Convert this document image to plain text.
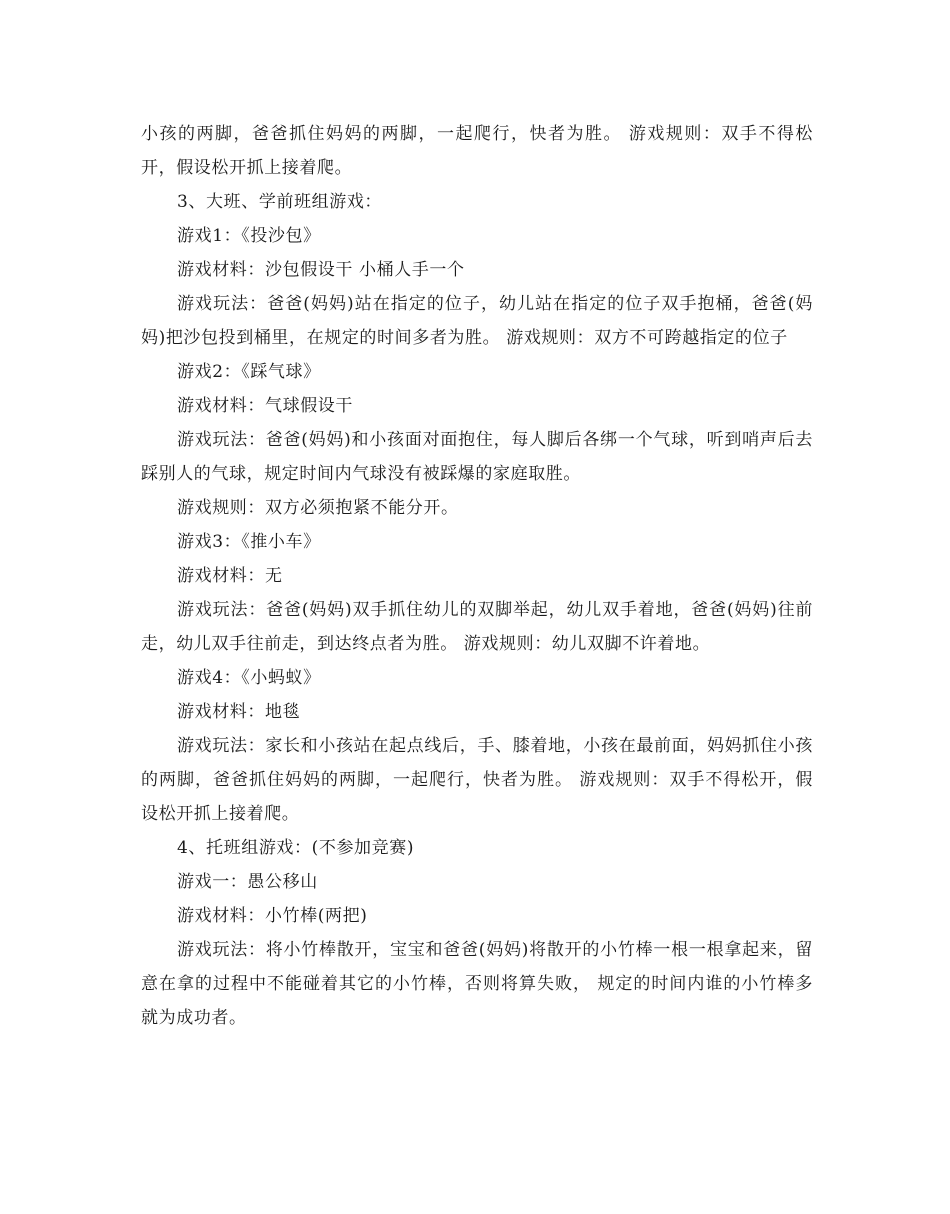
小孩的两脚，爸爸抓住妈妈的两脚，一起爬行，快者为胜。 游戏规则：双手不得松开，假设松开抓上接着爬。

3、大班、学前班组游戏：

游戏1：《投沙包》

游戏材料：沙包假设干 小桶人手一个

游戏玩法：爸爸(妈妈)站在指定的位子，幼儿站在指定的位子双手抱桶，爸爸(妈妈)把沙包投到桶里，在规定的时间多者为胜。 游戏规则：双方不可跨越指定的位子

游戏2：《踩气球》

游戏材料：气球假设干

游戏玩法：爸爸(妈妈)和小孩面对面抱住，每人脚后各绑一个气球，听到哨声后去踩别人的气球，规定时间内气球没有被踩爆的家庭取胜。

游戏规则：双方必须抱紧不能分开。

游戏3：《推小车》

游戏材料：无

游戏玩法：爸爸(妈妈)双手抓住幼儿的双脚举起，幼儿双手着地，爸爸(妈妈)往前走，幼儿双手往前走，到达终点者为胜。 游戏规则：幼儿双脚不许着地。

游戏4：《小蚂蚁》

游戏材料：地毯

游戏玩法：家长和小孩站在起点线后，手、膝着地，小孩在最前面，妈妈抓住小孩的两脚，爸爸抓住妈妈的两脚，一起爬行，快者为胜。 游戏规则：双手不得松开，假设松开抓上接着爬。

4、托班组游戏：(不参加竞赛)

游戏一：愚公移山

游戏材料：小竹棒(两把)

游戏玩法：将小竹棒散开，宝宝和爸爸(妈妈)将散开的小竹棒一根一根拿起来，留意在拿的过程中不能碰着其它的小竹棒，否则将算失败， 规定的时间内谁的小竹棒多就为成功者。
